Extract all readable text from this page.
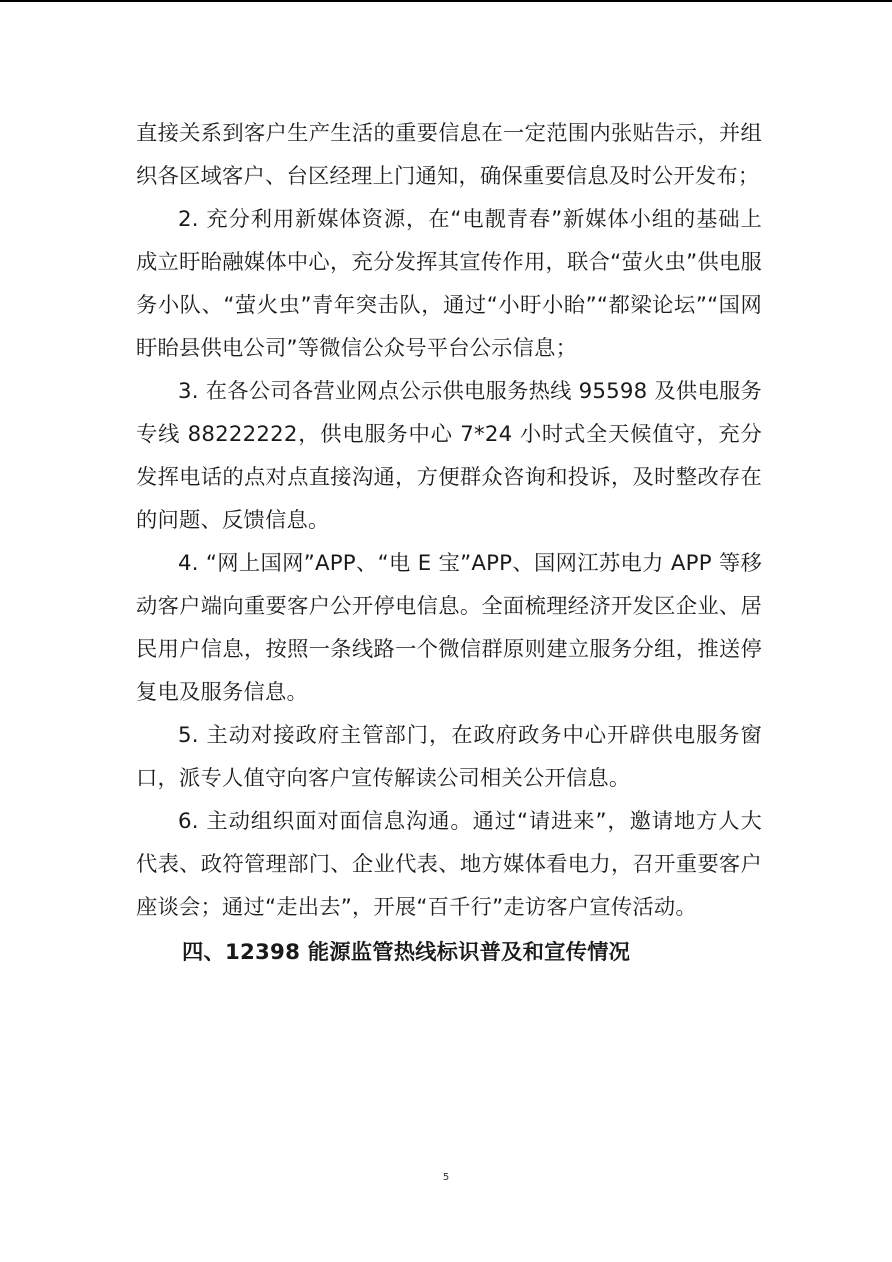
直接关系到客户生产生活的重要信息在一定范围内张贴告示，并组织各区域客户、台区经理上门通知，确保重要信息及时公开发布；

2. 充分利用新媒体资源，在“电靓青春”新媒体小组的基础上成立盱眙融媒体中心，充分发挥其宣传作用，联合“萤火虫”供电服务小队、“萤火虫”青年突击队，通过“小盱小眙”“都梁论坛”“国网盱眙县供电公司”等微信公众号平台公示信息；

3. 在各公司各营业网点公示供电服务热线 95598 及供电服务专线 88222222，供电服务中心 7*24 小时式全天候值守，充分发挥电话的点对点直接沟通，方便群众咨询和投诉，及时整改存在的问题、反馈信息。

4. “网上国网”APP、“电 E 宝”APP、国网江苏电力 APP 等移动客户端向重要客户公开停电信息。全面梳理经济开发区企业、居民用户信息，按照一条线路一个微信群原则建立服务分组，推送停复电及服务信息。

5. 主动对接政府主管部门，在政府政务中心开辟供电服务窗口，派专人值守向客户宣传解读公司相关公开信息。

6. 主动组织面对面信息沟通。通过“请进来”，邀请地方人大代表、政符管理部门、企业代表、地方媒体看电力，召开重要客户座谈会；通过“走出去”，开展“百千行”走访客户宣传活动。

四、12398 能源监管热线标识普及和宣传情况

5
